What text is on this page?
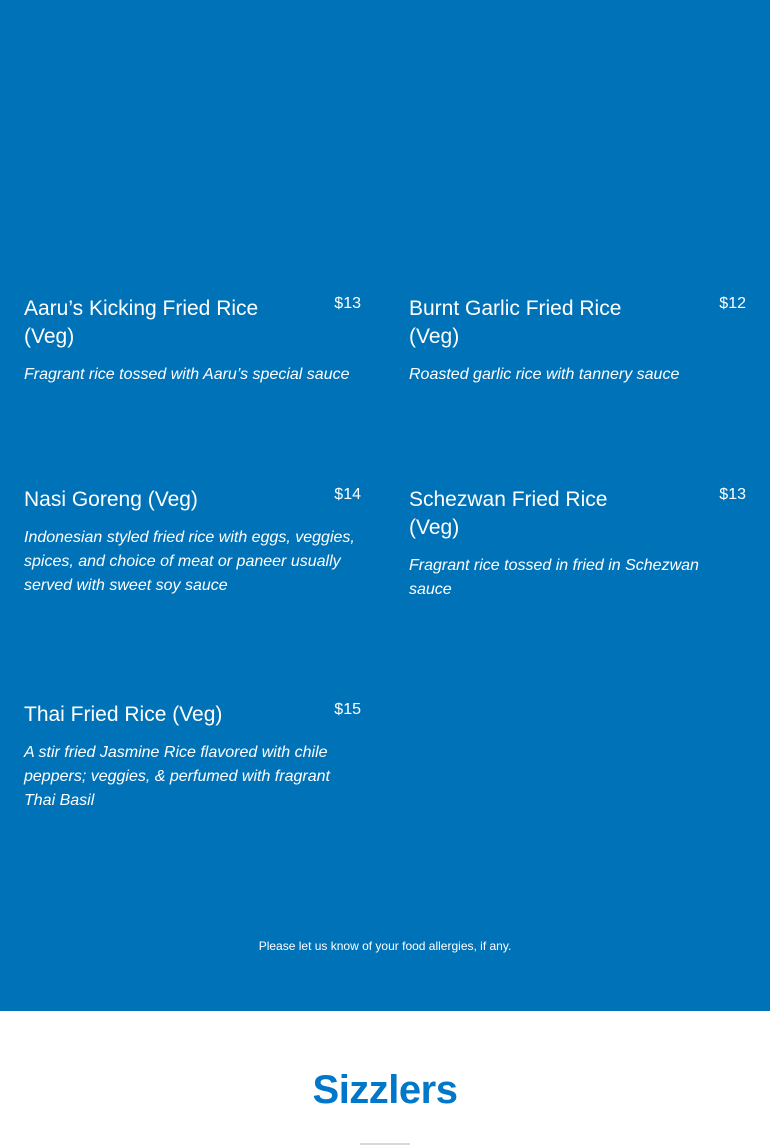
Aaru’s Kicking Fried Rice (Veg)
$13
Fragrant rice tossed with Aaru’s special sauce
Burnt Garlic Fried Rice (Veg)
$12
Roasted garlic rice with tannery sauce
Nasi Goreng (Veg)	$14
Indonesian styled fried rice with eggs, veggies, spices, and choice of meat or paneer usually served with sweet soy sauce
Schezwan Fried Rice (Veg)
$13
Fragrant rice tossed in fried in Schezwan sauce
Thai Fried Rice (Veg)	$15
A stir fried Jasmine Rice flavored with chile peppers; veggies, & perfumed with fragrant Thai Basil
Please let us know of your food allergies, if any.
Sizzlers
